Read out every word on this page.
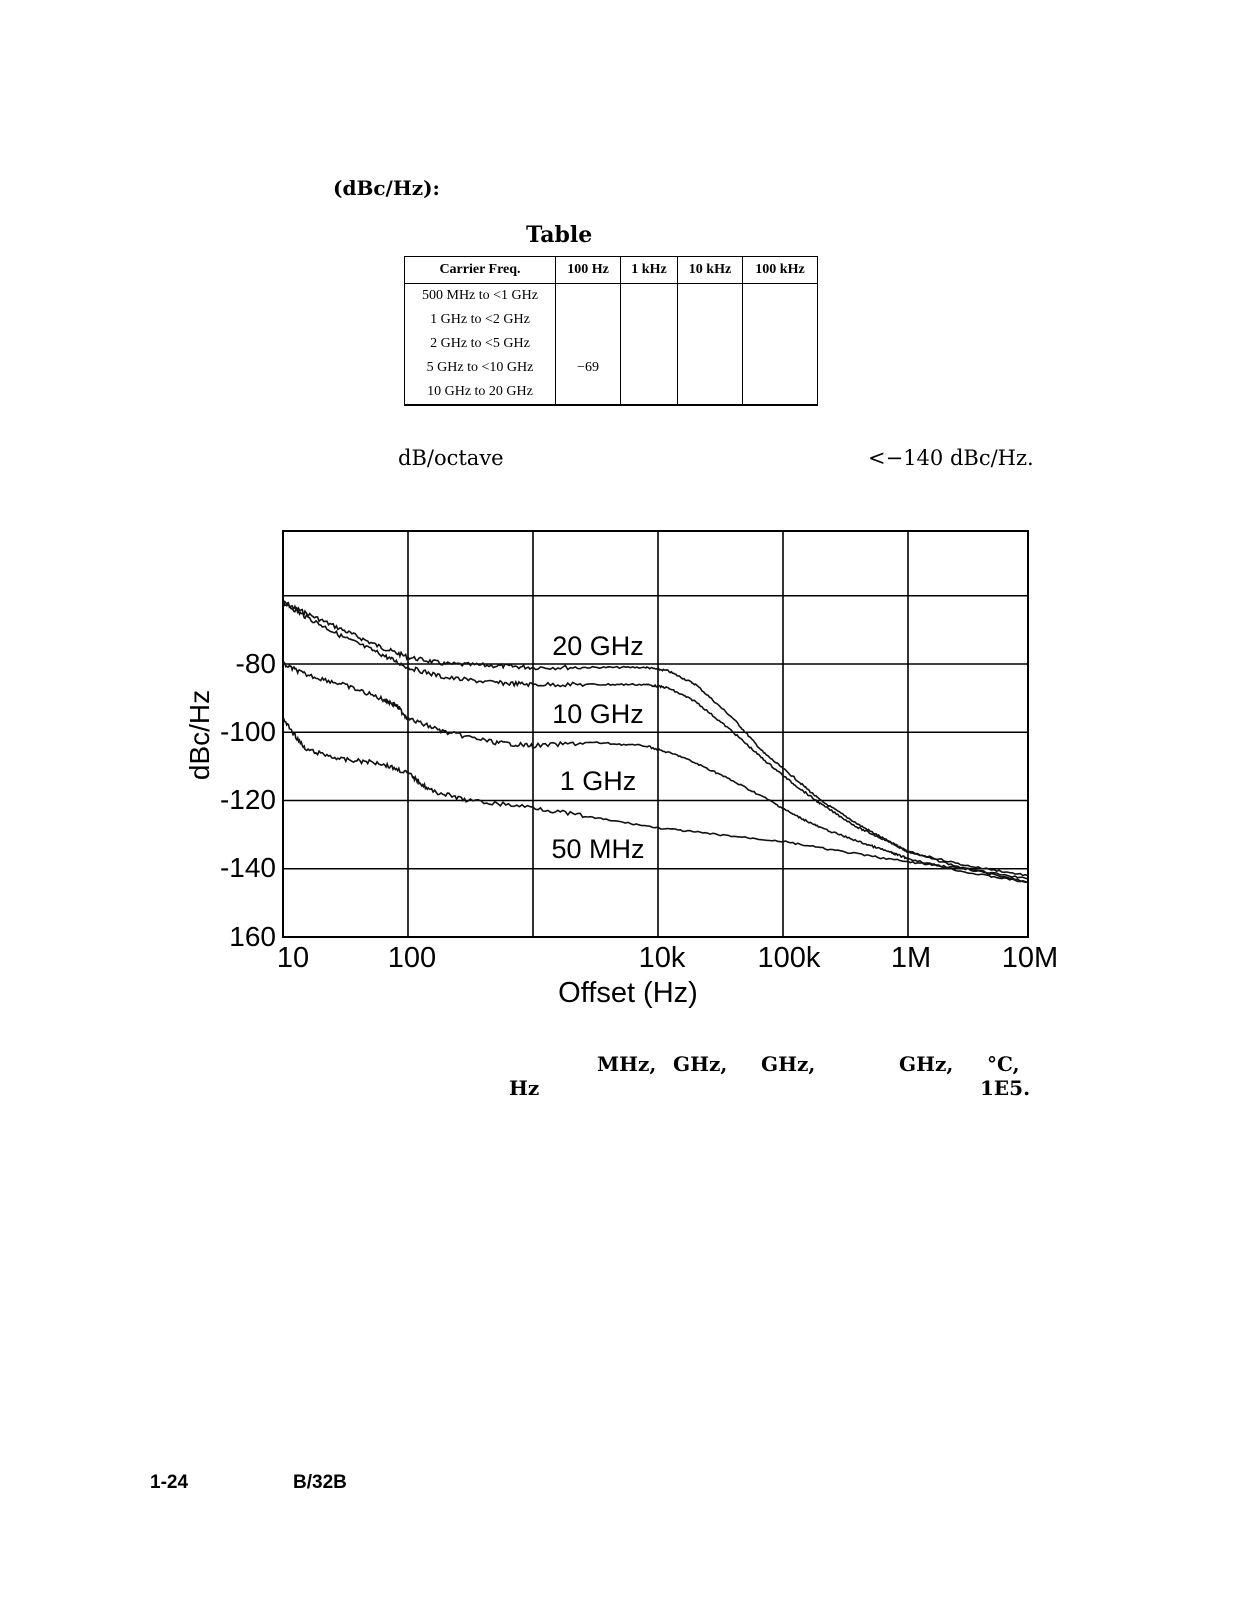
(dBc/Hz):
Table
Carrier Freq.	100 Hz	1 kHz	10 kHz	100 kHz
500 MHz to <1 GHz				
1 GHz to <2 GHz				
2 GHz to <5 GHz				
5 GHz to <10 GHz	−69			
10 GHz to 20 GHz				
dB/octave	<−140 dBc/Hz.
10	100	10k 100k 1M 10M
-80
-100
-120
-140
160
20 GHz
10 GHz
1 GHz
50 MHz
Offset (Hz)
dBc/Hz
MHz, GHz, GHz,	GHz, °C,
Hz	1E5.
1-24	B/32B
